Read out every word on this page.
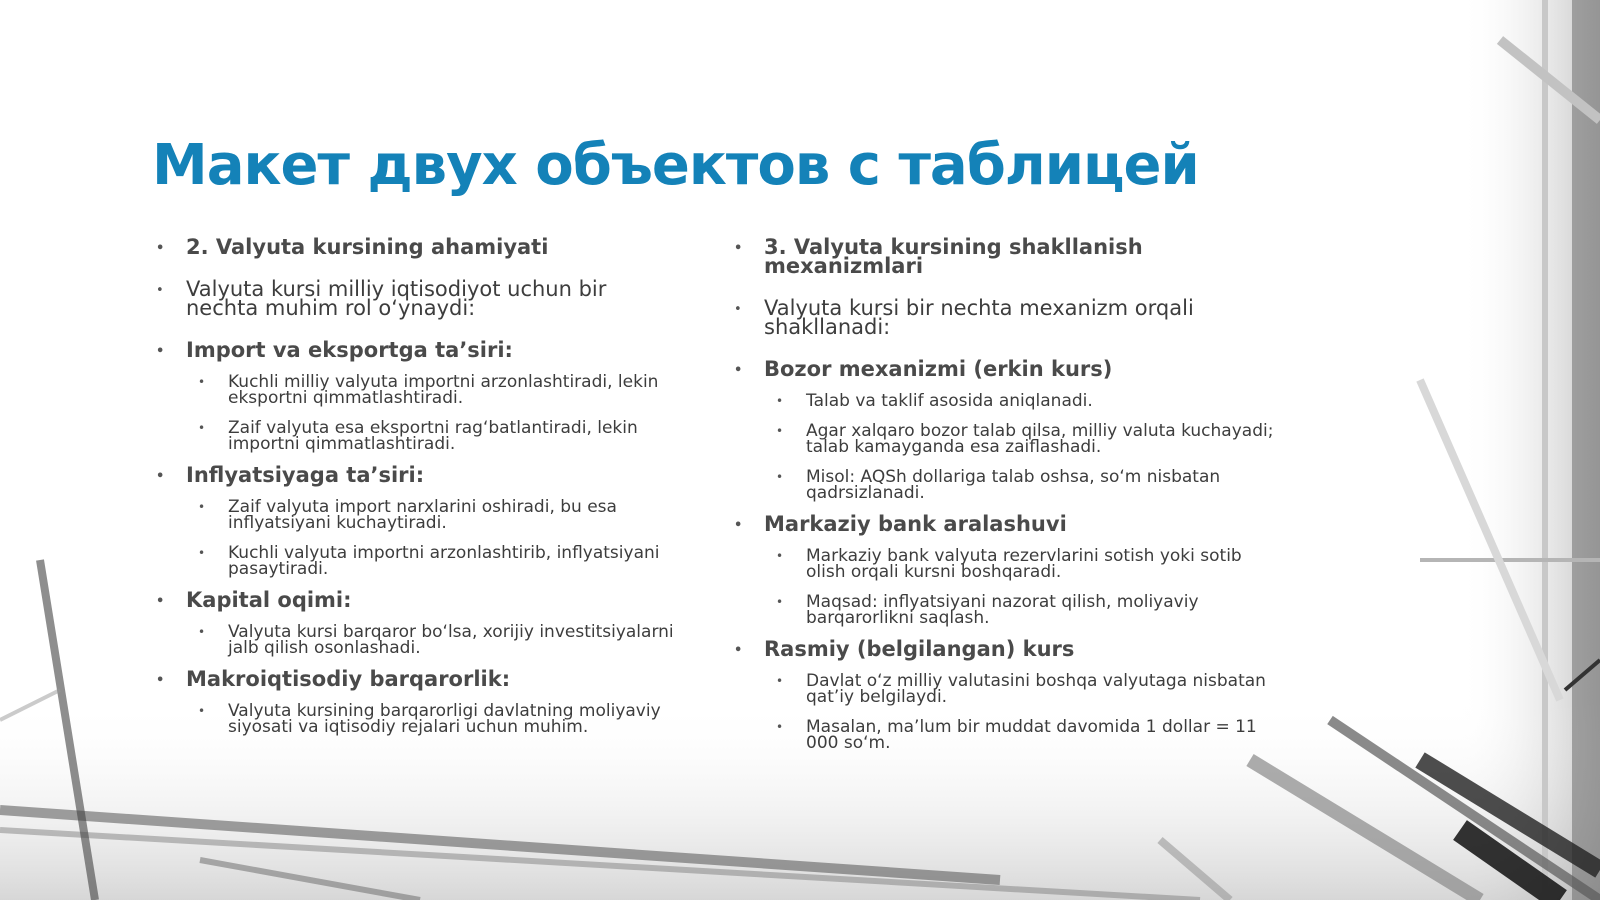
Макет двух объектов с таблицей
• 2. Valyuta kursining ahamiyati
• Valyuta kursi milliy iqtisodiyot uchun bir nechta muhim rol o‘ynaydi:
• Import va eksportga ta’siri:
• Kuchli milliy valyuta importni arzonlashtiradi, lekin eksportni qimmatlashtiradi.
• Zaif valyuta esa eksportni rag‘batlantiradi, lekin importni qimmatlashtiradi.
• Inflyatsiyaga ta’siri:
• Zaif valyuta import narxlarini oshiradi, bu esa inflyatsiyani kuchaytiradi.
• Kuchli valyuta importni arzonlashtirib, inflyatsiyani pasaytiradi.
• Kapital oqimi:
• Valyuta kursi barqaror bo‘lsa, xorijiy investitsiyalarni jalb qilish osonlashadi.
• Makroiqtisodiy barqarorlik:
• Valyuta kursining barqarorligi davlatning moliyaviy siyosati va iqtisodiy rejalari uchun muhim.
• 3. Valyuta kursining shakllanish mexanizmlari
• Valyuta kursi bir nechta mexanizm orqali shakllanadi:
• Bozor mexanizmi (erkin kurs)
• Talab va taklif asosida aniqlanadi.
• Agar xalqaro bozor talab qilsa, milliy valuta kuchayadi; talab kamayganda esa zaiflashadi.
• Misol: AQSh dollariga talab oshsa, so‘m nisbatan qadrsizlanadi.
• Markaziy bank aralashuvi
• Markaziy bank valyuta rezervlarini sotish yoki sotib olish orqali kursni boshqaradi.
• Maqsad: inflyatsiyani nazorat qilish, moliyaviy barqarorlikni saqlash.
• Rasmiy (belgilangan) kurs
• Davlat o‘z milliy valutasini boshqa valyutaga nisbatan qat’iy belgilaydi.
• Masalan, ma’lum bir muddat davomida 1 dollar = 11 000 so‘m.
